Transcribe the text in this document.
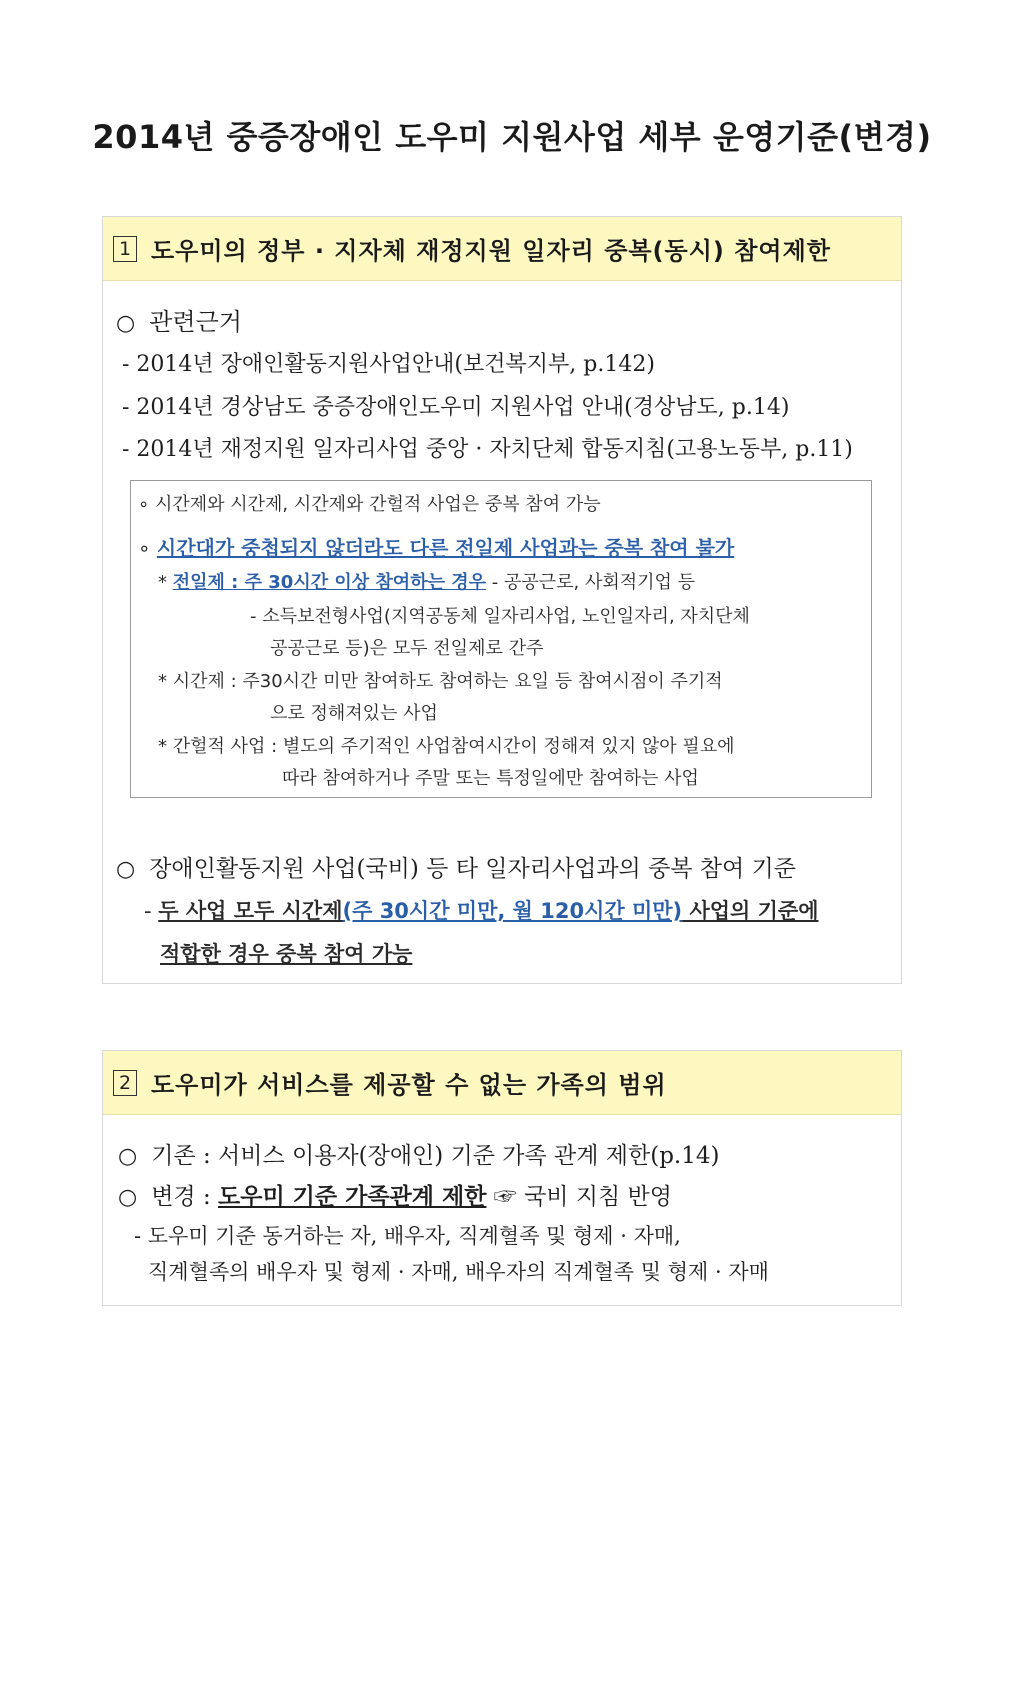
2014년 중증장애인 도우미 지원사업 세부 운영기준(변경)
1 도우미의 정부 · 지자체 재정지원 일자리 중복(동시) 참여제한
○ 관련근거
- 2014년 장애인활동지원사업안내(보건복지부, p.142)
- 2014년 경상남도 중증장애인도우미 지원사업 안내(경상남도, p.14)
- 2014년 재정지원 일자리사업 중앙 · 자치단체 합동지침(고용노동부, p.11)
∘ 시간제와 시간제, 시간제와 간헐적 사업은 중복 참여 가능
∘ 시간대가 중첩되지 않더라도 다른 전일제 사업과는 중복 참여 불가
* 전일제 : 주 30시간 이상 참여하는 경우 - 공공근로, 사회적기업 등
- 소득보전형사업(지역공동체 일자리사업, 노인일자리, 자치단체
공공근로 등)은 모두 전일제로 간주
* 시간제 : 주30시간 미만 참여하도 참여하는 요일 등 참여시점이 주기적
으로 정해져있는 사업
* 간헐적 사업 : 별도의 주기적인 사업참여시간이 정해져 있지 않아 필요에
따라 참여하거나 주말 또는 특정일에만 참여하는 사업
○ 장애인활동지원 사업(국비) 등 타 일자리사업과의 중복 참여 기준
- 두 사업 모두 시간제(주 30시간 미만, 월 120시간 미만) 사업의 기준에
적합한 경우 중복 참여 가능
2 도우미가 서비스를 제공할 수 없는 가족의 범위
○ 기존 : 서비스 이용자(장애인) 기준 가족 관계 제한(p.14)
○ 변경 : 도우미 기준 가족관계 제한 ☞ 국비 지침 반영
- 도우미 기준 동거하는 자, 배우자, 직계혈족 및 형제 · 자매,
직계혈족의 배우자 및 형제 · 자매, 배우자의 직계혈족 및 형제 · 자매
